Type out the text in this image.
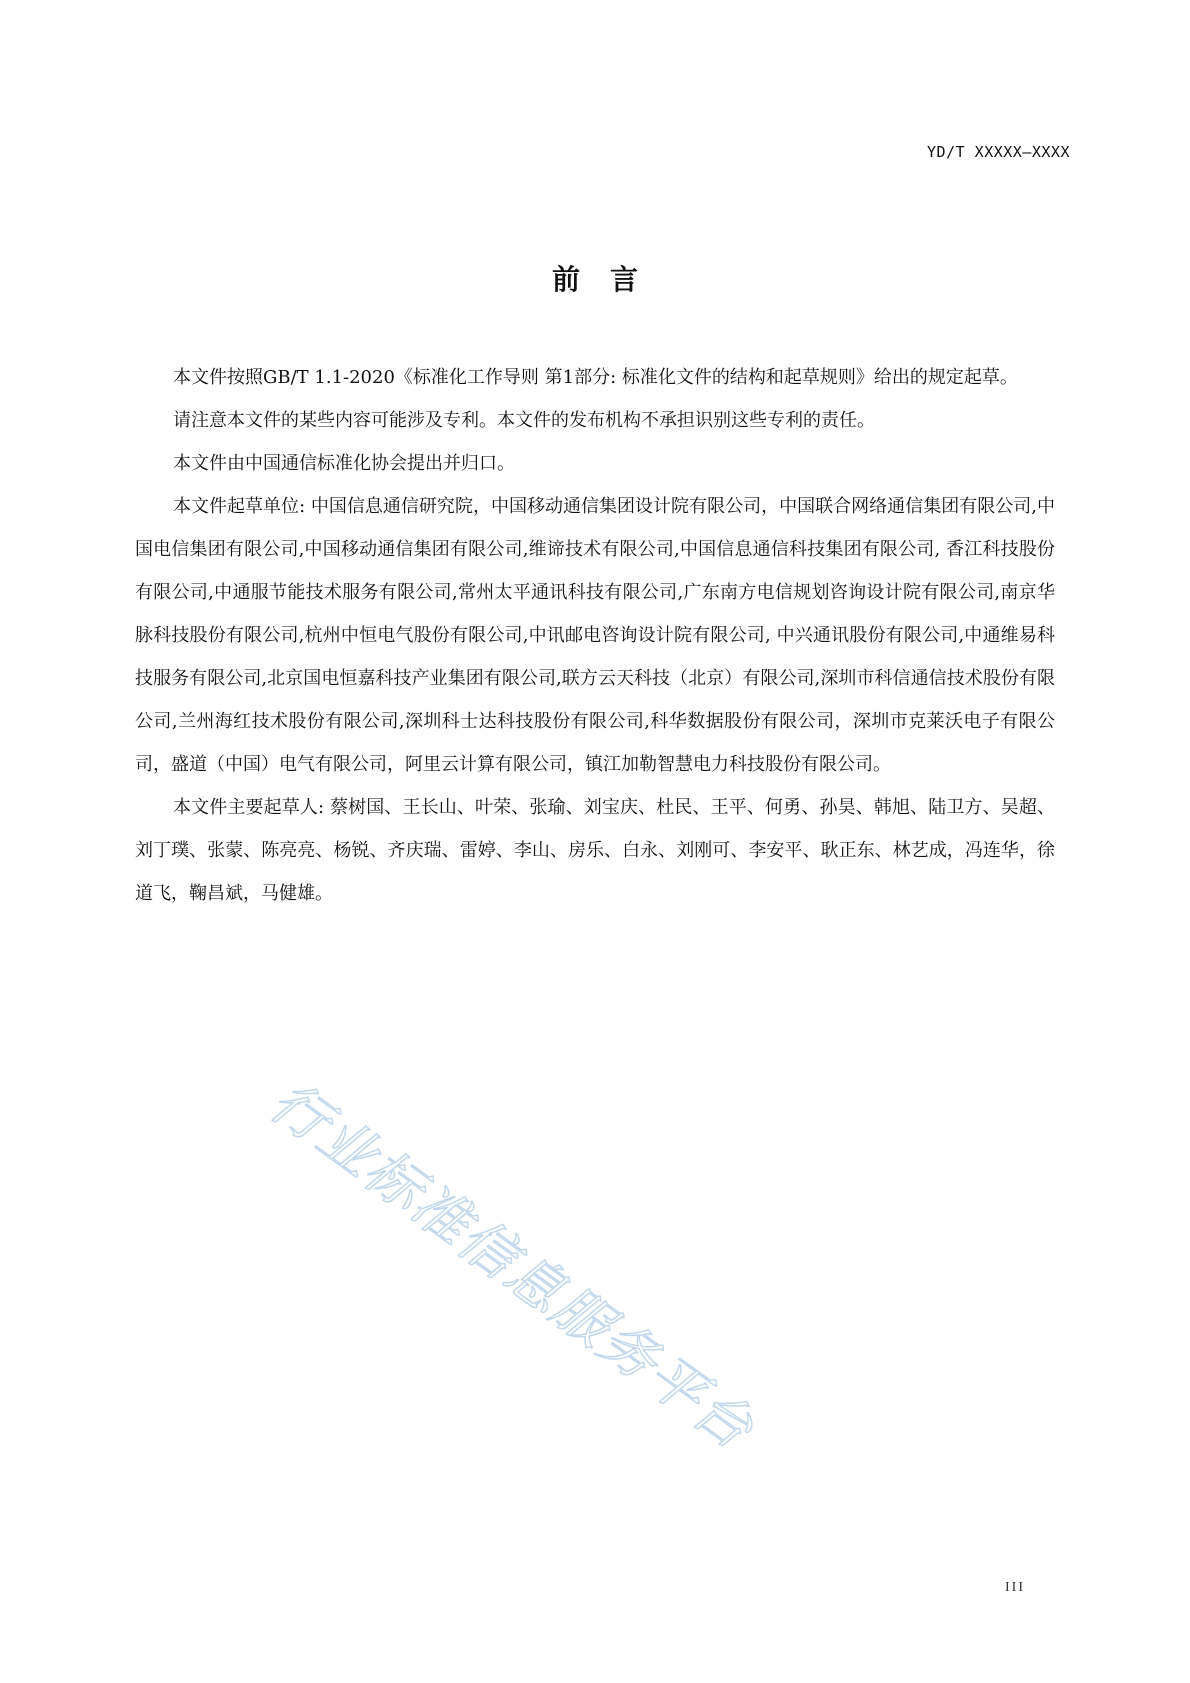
YD/T XXXXX—XXXX
前言

本文件按照GB/T 1.1-2020《标准化工作导则 第1部分: 标准化文件的结构和起草规则》给出的规定起草。

请注意本文件的某些内容可能涉及专利。本文件的发布机构不承担识别这些专利的责任。

本文件由中国通信标准化协会提出并归口。

本文件起草单位: 中国信息通信研究院，中国移动通信集团设计院有限公司，中国联合网络通信集团有限公司,中国电信集团有限公司,中国移动通信集团有限公司,维谛技术有限公司,中国信息通信科技集团有限公司, 香江科技股份有限公司,中通服节能技术服务有限公司,常州太平通讯科技有限公司,广东南方电信规划咨询设计院有限公司,南京华脉科技股份有限公司,杭州中恒电气股份有限公司,中讯邮电咨询设计院有限公司, 中兴通讯股份有限公司,中通维易科技服务有限公司,北京国电恒嘉科技产业集团有限公司,联方云天科技（北京）有限公司,深圳市科信通信技术股份有限公司,兰州海红技术股份有限公司,深圳科士达科技股份有限公司,科华数据股份有限公司，深圳市克莱沃电子有限公司，盛道（中国）电气有限公司，阿里云计算有限公司，镇江加勒智慧电力科技股份有限公司。

本文件主要起草人: 蔡树国、王长山、叶荣、张瑜、刘宝庆、杜民、王平、何勇、孙昊、韩旭、陆卫方、吴超、刘丁璞、张蒙、陈亮亮、杨锐、齐庆瑞、雷婷、李山、房乐、白永、刘刚可、李安平、耿正东、林艺成，冯连华，徐道飞，鞠昌斌，马健雄。

行业标准信息服务平台
III
